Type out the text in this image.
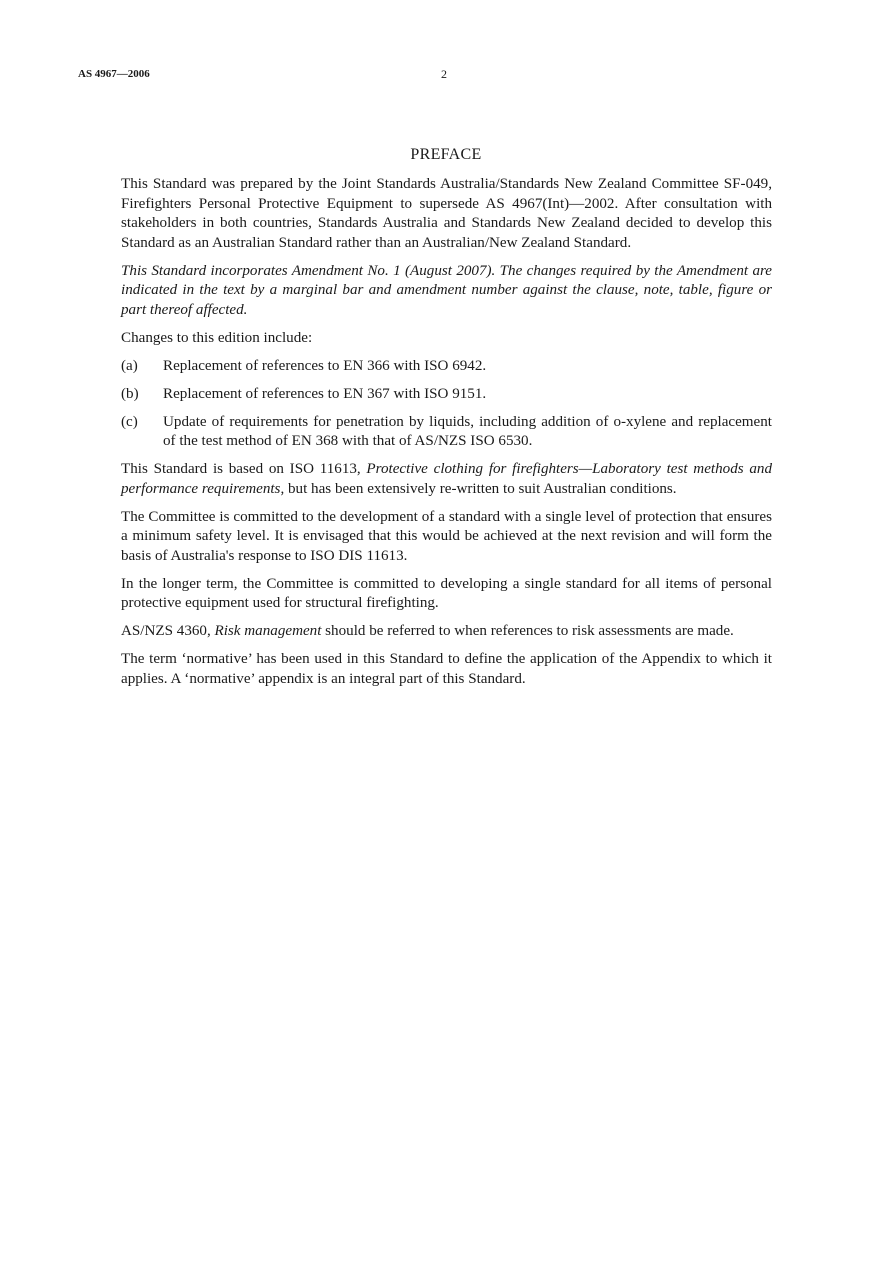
AS 4967—2006	2
PREFACE

This Standard was prepared by the Joint Standards Australia/Standards New Zealand Committee SF-049, Firefighters Personal Protective Equipment to supersede AS 4967(Int)—2002. After consultation with stakeholders in both countries, Standards Australia and Standards New Zealand decided to develop this Standard as an Australian Standard rather than an Australian/New Zealand Standard.

This Standard incorporates Amendment No. 1 (August 2007). The changes required by the Amendment are indicated in the text by a marginal bar and amendment number against the clause, note, table, figure or part thereof affected.

Changes to this edition include:

(a)	Replacement of references to EN 366 with ISO 6942.
(b)	Replacement of references to EN 367 with ISO 9151.
(c)	Update of requirements for penetration by liquids, including addition of o-xylene and replacement of the test method of EN 368 with that of AS/NZS ISO 6530.

This Standard is based on ISO 11613, Protective clothing for firefighters—Laboratory test methods and performance requirements, but has been extensively re-written to suit Australian conditions.

The Committee is committed to the development of a standard with a single level of protection that ensures a minimum safety level. It is envisaged that this would be achieved at the next revision and will form the basis of Australia's response to ISO DIS 11613.

In the longer term, the Committee is committed to developing a single standard for all items of personal protective equipment used for structural firefighting.

AS/NZS 4360, Risk management should be referred to when references to risk assessments are made.

The term ‘normative’ has been used in this Standard to define the application of the Appendix to which it applies. A ‘normative’ appendix is an integral part of this Standard.
